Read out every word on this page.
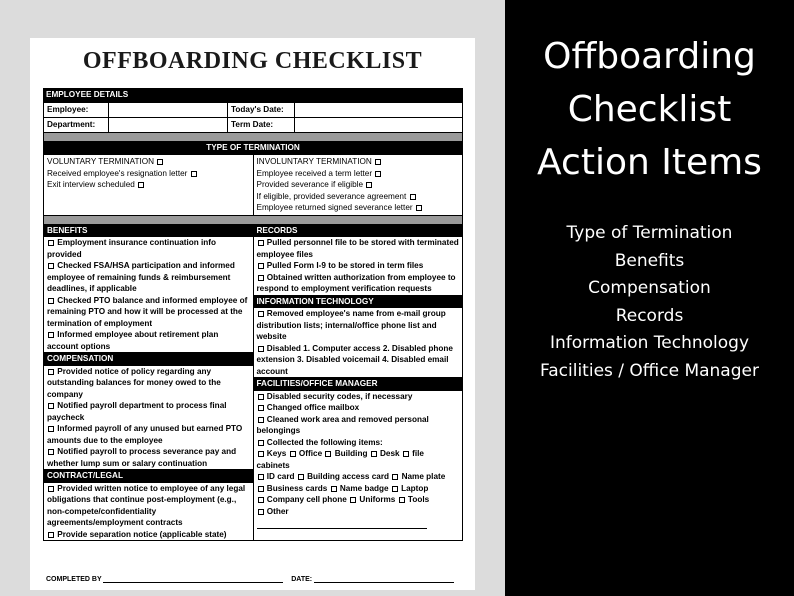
OFFBOARDING CHECKLIST
EMPLOYEE DETAILS
Employee:		Today's Date:	
Department:		Term Date:	
TYPE OF TERMINATION
VOLUNTARY TERMINATION
Received employee's resignation letter
Exit interview scheduled
INVOLUNTARY TERMINATION
Employee received a term letter
Provided severance if eligible
If eligible, provided severance agreement
Employee returned signed severance letter
BENEFITS
Employment insurance continuation info provided
Checked FSA/HSA participation and informed employee of remaining funds & reimbursement deadlines, if applicable
Checked PTO balance and informed employee of remaining PTO and how it will be processed at the termination of employment
Informed employee about retirement plan account options
COMPENSATION
Provided notice of policy regarding any outstanding balances for money owed to the company
Notified payroll department to process final paycheck
Informed payroll of any unused but earned PTO amounts due to the employee
Notified payroll to process severance pay and whether lump sum or salary continuation
CONTRACT/LEGAL
Provided written notice to employee of any legal obligations that continue post-employment (e.g., non-compete/confidentiality agreements/employment contracts
Provide separation notice (applicable state)
RECORDS
Pulled personnel file to be stored with terminated employee files
Pulled Form I-9 to be stored in term files
Obtained written authorization from employee to respond to employment verification requests
INFORMATION TECHNOLOGY
Removed employee's name from e-mail group distribution lists; internal/office phone list and website
Disabled 1. Computer access 2. Disabled phone extension 3. Disabled voicemail 4. Disabled email account
FACILITIES/OFFICE MANAGER
Disabled security codes, if necessary
Changed office mailbox
Cleaned work area and removed personal belongings
Collected the following items:
Keys Office Building Desk file cabinets
ID card Building access card Name plate
Business cards Name badge Laptop
Company cell phone Uniforms Tools
Other
COMPLETED BY	DATE:
Offboarding
Checklist
Action Items
Type of Termination
Benefits
Compensation
Records
Information Technology
Facilities / Office Manager
